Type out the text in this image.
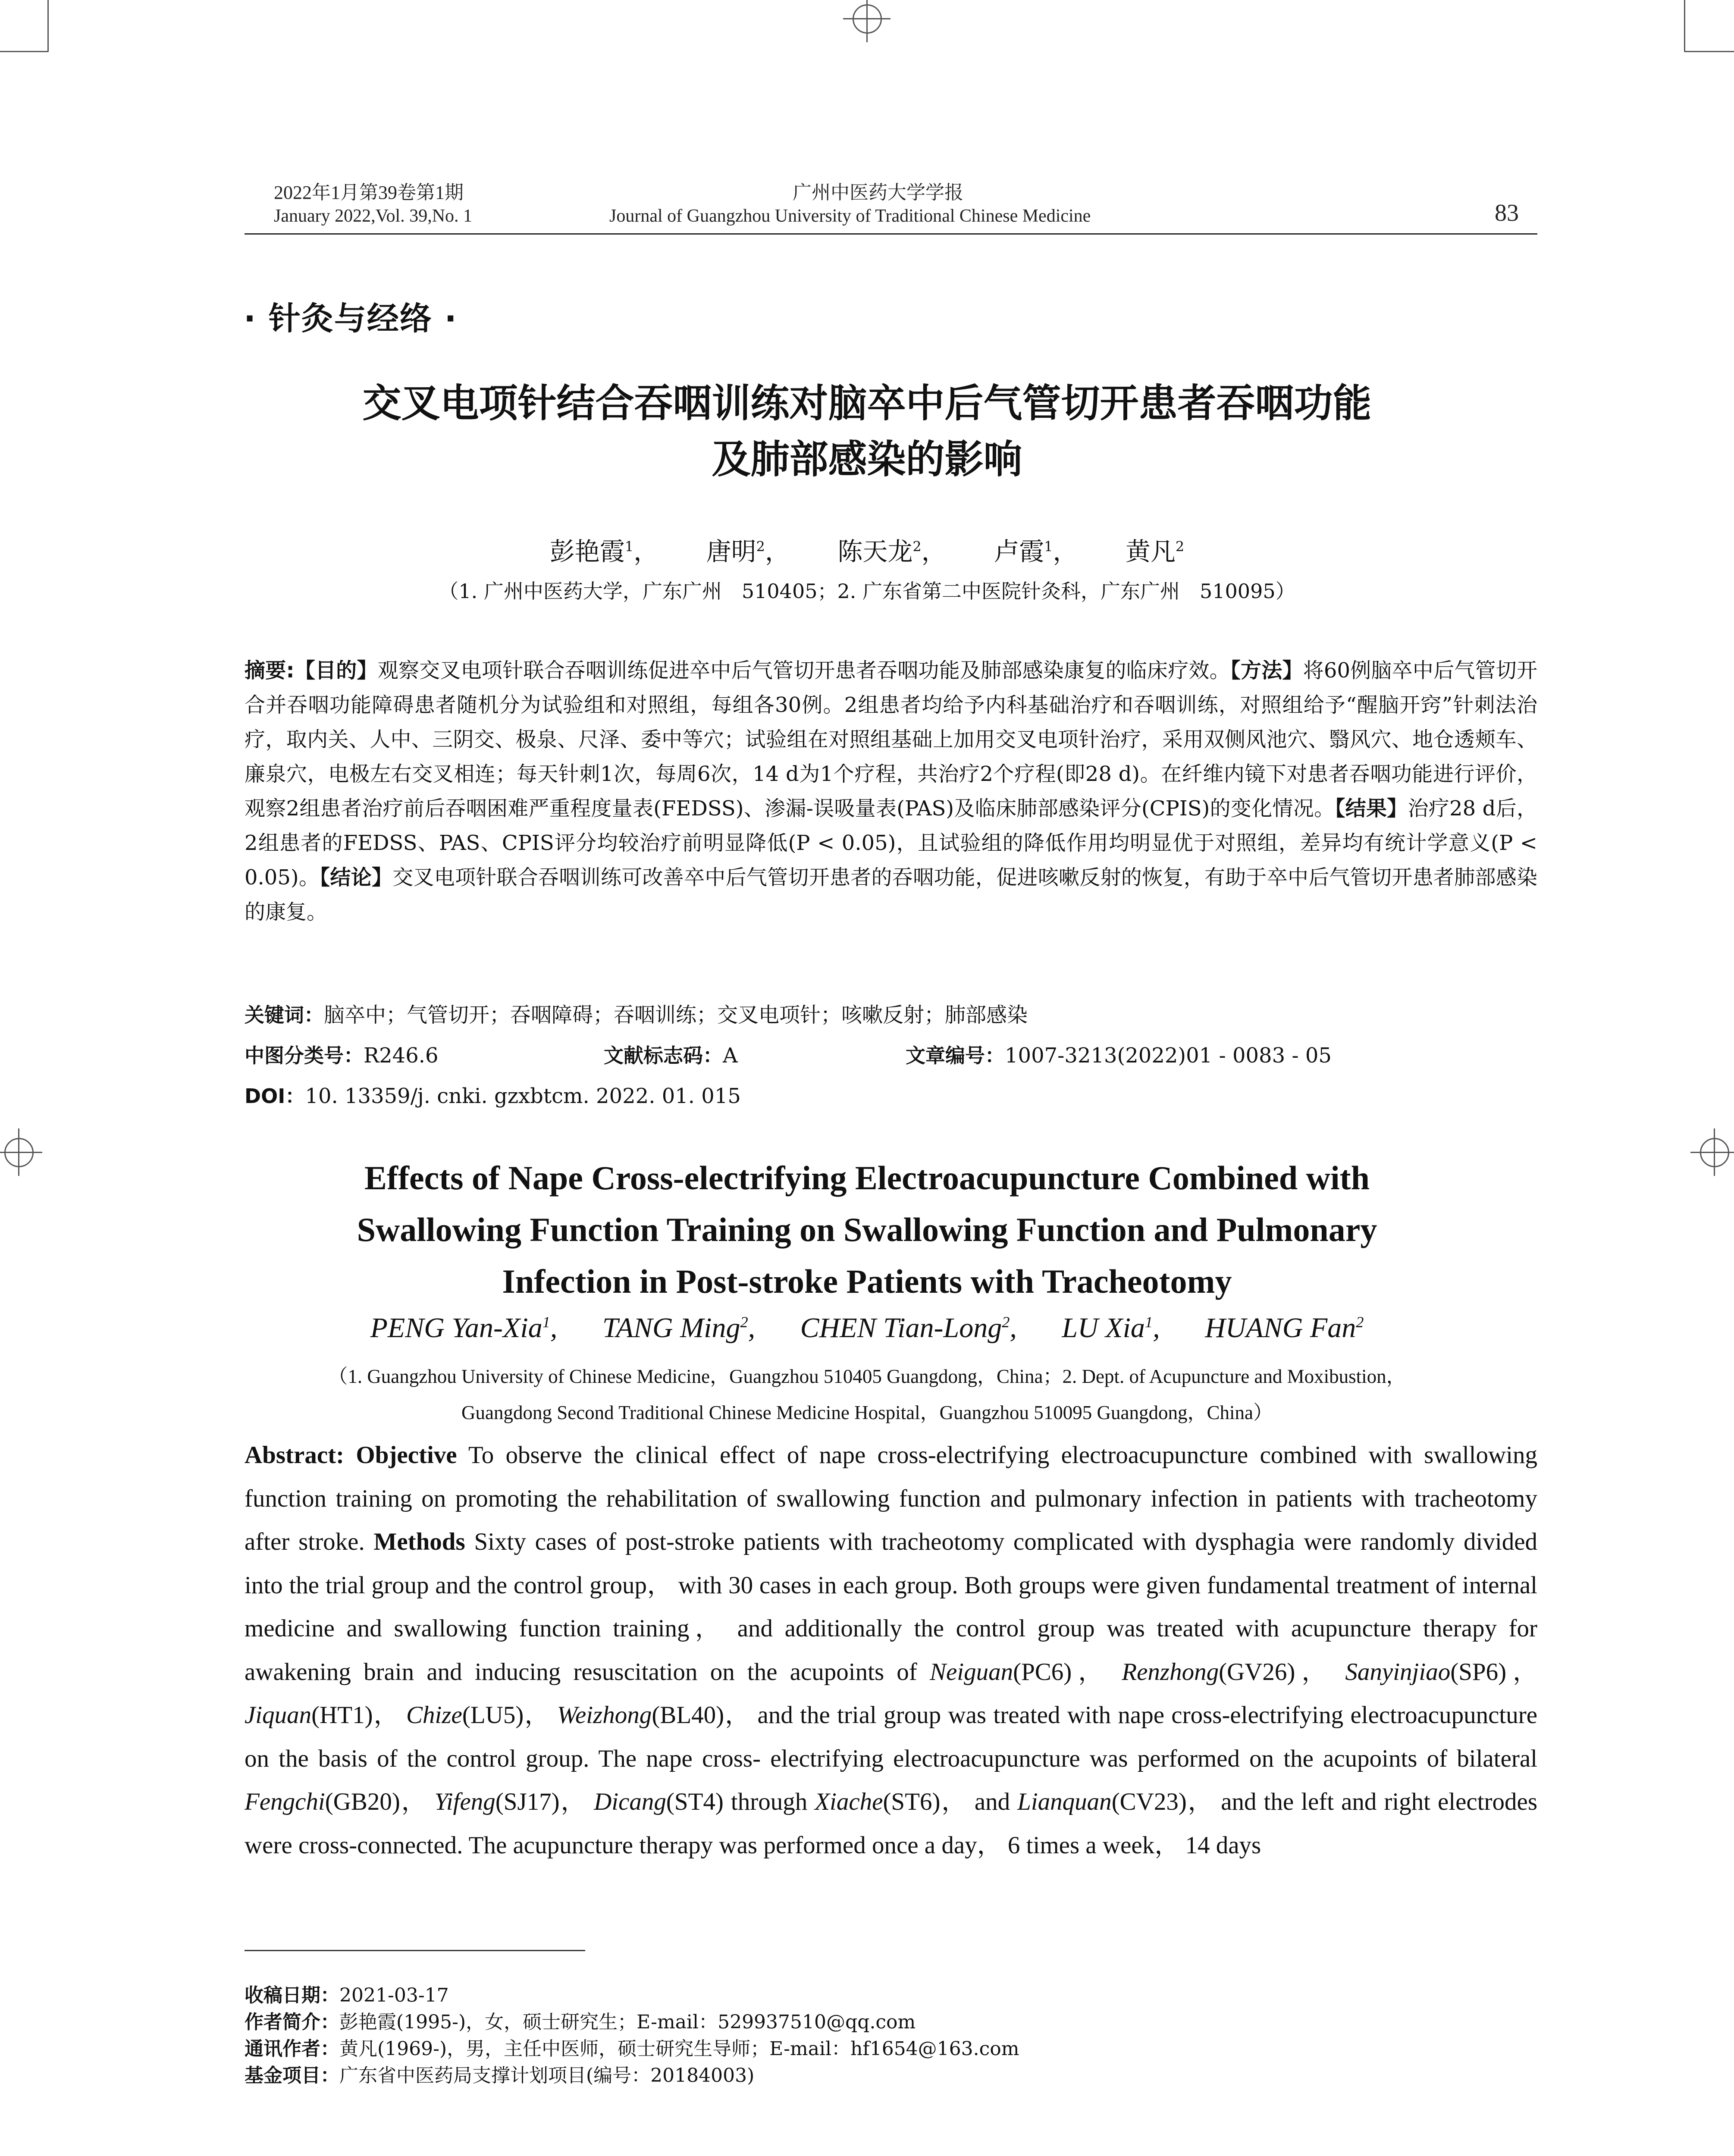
2022年1月第39卷第1期
January 2022,Vol. 39,No. 1
广州中医药大学学报
Journal of Guangzhou University of Traditional Chinese Medicine	83
· 针灸与经络 ·
交叉电项针结合吞咽训练对脑卒中后气管切开患者吞咽功能
及肺部感染的影响
彭艳霞$^1$， 唐明$^2$， 陈天龙$^2$， 卢霞$^1$， 黄凡$^2$
（1. 广州中医药大学，广东广州　510405；2. 广东省第二中医院针灸科，广东广州　510095）
摘要:【目的】观察交叉电项针联合吞咽训练促进卒中后气管切开患者吞咽功能及肺部感染康复的临床疗效。【方法】将60例脑卒中后气管切开合并吞咽功能障碍患者随机分为试验组和对照组，每组各30例。2组患者均给予内科基础治疗和吞咽训练，对照组给予“醒脑开窍”针刺法治疗，取内关、人中、三阴交、极泉、尺泽、委中等穴；试验组在对照组基础上加用交叉电项针治疗，采用双侧风池穴、翳风穴、地仓透颊车、廉泉穴，电极左右交叉相连；每天针刺1次，每周6次，14 d为1个疗程，共治疗2个疗程(即28 d)。在纤维内镜下对患者吞咽功能进行评价，观察2组患者治疗前后吞咽困难严重程度量表(FEDSS)、渗漏-误吸量表(PAS)及临床肺部感染评分(CPIS)的变化情况。【结果】治疗28 d后，2组患者的FEDSS、PAS、CPIS评分均较治疗前明显降低(P < 0.05)，且试验组的降低作用均明显优于对照组，差异均有统计学意义(P < 0.05)。【结论】交叉电项针联合吞咽训练可改善卒中后气管切开患者的吞咽功能，促进咳嗽反射的恢复，有助于卒中后气管切开患者肺部感染的康复。
关键词：脑卒中；气管切开；吞咽障碍；吞咽训练；交叉电项针；咳嗽反射；肺部感染
中图分类号：R246.6	文献标志码：A	文章编号：1007-3213(2022)01 - 0083 - 05
DOI：10. 13359/j. cnki. gzxbtcm. 2022. 01. 015
Effects of Nape Cross-electrifying Electroacupuncture Combined with
Swallowing Function Training on Swallowing Function and Pulmonary
Infection in Post-stroke Patients with Tracheotomy
PENG Yan-Xia$^1$, TANG Ming$^2$, CHEN Tian-Long$^2$, LU Xia$^1$, HUANG Fan$^2$
（1. Guangzhou University of Chinese Medicine，Guangzhou 510405 Guangdong，China；2. Dept. of Acupuncture and Moxibustion，
Guangdong Second Traditional Chinese Medicine Hospital，Guangzhou 510095 Guangdong，China）
Abstract: Objective To observe the clinical effect of nape cross-electrifying electroacupuncture combined with swallowing function training on promoting the rehabilitation of swallowing function and pulmonary infection in patients with tracheotomy after stroke. Methods Sixty cases of post-stroke patients with tracheotomy complicated with dysphagia were randomly divided into the trial group and the control group， with 30 cases in each group. Both groups were given fundamental treatment of internal medicine and swallowing function training， and additionally the control group was treated with acupuncture therapy for awakening brain and inducing resuscitation on the acupoints of Neiguan(PC6)， Renzhong(GV26)， Sanyinjiao(SP6)， Jiquan(HT1)， Chize(LU5)， Weizhong(BL40)， and the trial group was treated with nape cross-electrifying electroacupuncture on the basis of the control group. The nape cross- electrifying electroacupuncture was performed on the acupoints of bilateral Fengchi(GB20)， Yifeng(SJ17)， Dicang(ST4) through Xiache(ST6)， and Lianquan(CV23)， and the left and right electrodes were cross-connected. The acupuncture therapy was performed once a day， 6 times a week， 14 days
收稿日期：2021-03-17
作者简介：彭艳霞(1995-)，女，硕士研究生；E-mail：529937510@qq.com
通讯作者：黄凡(1969-)，男，主任中医师，硕士研究生导师；E-mail：hf1654@163.com
基金项目：广东省中医药局支撑计划项目(编号：20184003)
